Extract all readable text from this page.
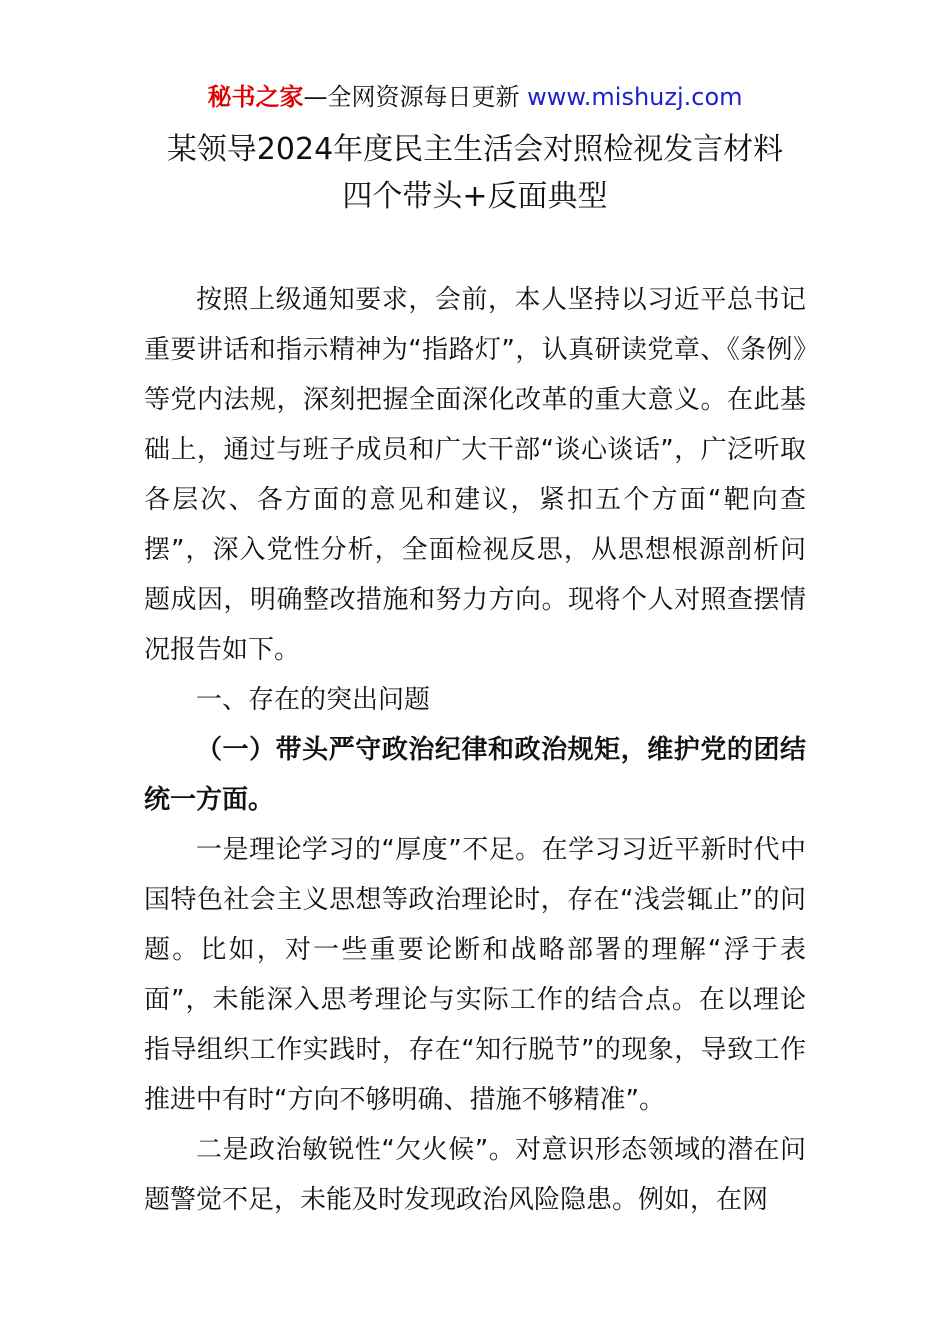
秘书之家—全网资源每日更新 www.mishuzj.com
某领导2024年度民主生活会对照检视发言材料
四个带头+反面典型

按照上级通知要求，会前，本人坚持以习近平总书记重要讲话和指示精神为“指路灯”，认真研读党章、《条例》等党内法规，深刻把握全面深化改革的重大意义。在此基础上，通过与班子成员和广大干部“谈心谈话”，广泛听取各层次、各方面的意见和建议，紧扣五个方面“靶向查摆”，深入党性分析，全面检视反思，从思想根源剖析问题成因，明确整改措施和努力方向。现将个人对照查摆情况报告如下。

一、存在的突出问题

（一）带头严守政治纪律和政治规矩，维护党的团结统一方面。

一是理论学习的“厚度”不足。在学习习近平新时代中国特色社会主义思想等政治理论时，存在“浅尝辄止”的问题。比如，对一些重要论断和战略部署的理解“浮于表面”，未能深入思考理论与实际工作的结合点。在以理论指导组织工作实践时，存在“知行脱节”的现象，导致工作推进中有时“方向不够明确、措施不够精准”。

二是政治敏锐性“欠火候”。对意识形态领域的潜在问题警觉不足，未能及时发现政治风险隐患。例如，在网
